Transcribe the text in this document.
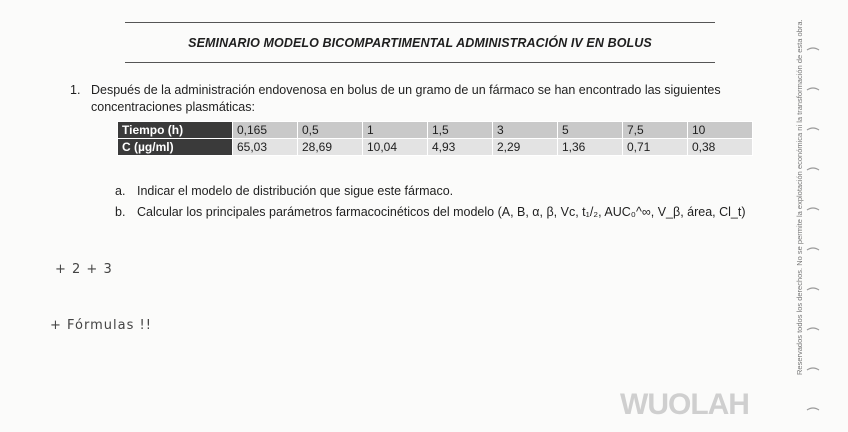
SEMINARIO MODELO BICOMPARTIMENTAL ADMINISTRACIÓN IV EN BOLUS
1. Después de la administración endovenosa en bolus de un gramo de un fármaco se han encontrado las siguientes concentraciones plasmáticas:
Tiempo (h)	0,165	0,5	1	1,5	3	5	7,5	10
C (µg/ml)	65,03	28,69	10,04	4,93	2,29	1,36	0,71	0,38
a. Indicar el modelo de distribución que sigue este fármaco.
b. Calcular los principales parámetros farmacocinéticos del modelo (A, B, α, β, Vc, t₁/₂, AUC₀^∞, V_β, área, Cl_t)
+ 2 + 3
+ Fórmulas !!	Reservados todos los derechos. No se permite la explotación económica ni la transformación de esta obra.
WUOLAH
